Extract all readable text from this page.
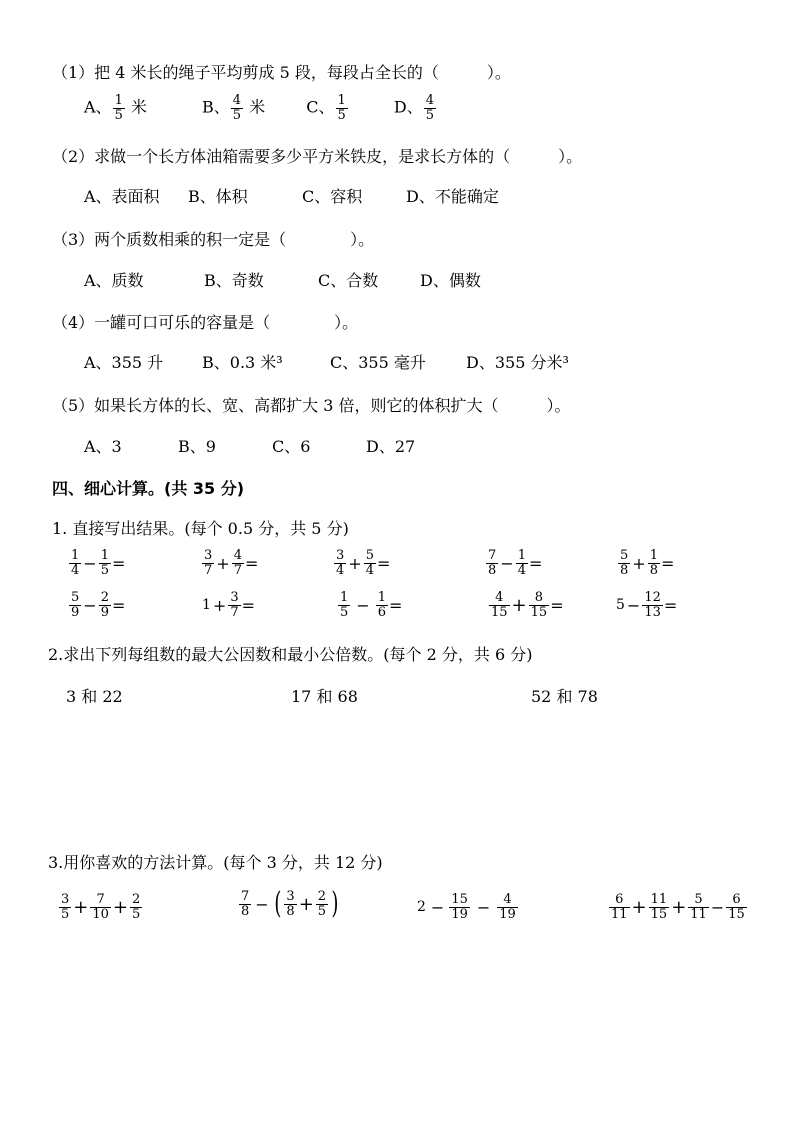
（1）把 4 米长的绳子平均剪成 5 段，每段占全长的（　　　）。
A、 $\frac{1}{5}$ 米	B、 $\frac{4}{5}$ 米	C、 $\frac{1}{5}$	D、 $\frac{4}{5}$
（2）求做一个长方体油箱需要多少平方米铁皮，是求长方体的（　　　）。
A、表面积 B、体积	C、容积	D、不能确定
（3）两个质数相乘的积一定是（　　　　）。
A、质数	B、奇数	C、合数	D、偶数
（4）一罐可口可乐的容量是（　　　　）。
A、355 升 B、0.3 米³	C、355 毫升	D、355 分米³
（5）如果长方体的长、宽、高都扩大 3 倍，则它的体积扩大（　　　）。
A、3	B、9	C、6	D、27
四、细心计算。(共 35 分)
1. 直接写出结果。(每个 0.5 分，共 5 分)
$\frac{1}{4} - \frac{1}{5}$ =	$\frac{3}{7} + \frac{4}{7}$ =	$\frac{3}{4} + \frac{5}{4}$ =	$\frac{7}{8} - \frac{1}{4}$ =	$\frac{5}{8} + \frac{1}{8}$ =
$\frac{5}{9} - \frac{2}{9}$ =	$1 + \frac{3}{7}$ =	$\frac{1}{5} - \frac{1}{6}$ =	$\frac{4}{15} + \frac{8}{15}$ =	$5 - \frac{12}{13}$ =
2.求出下列每组数的最大公因数和最小公倍数。(每个 2 分，共 6 分)
3 和 22	17 和 68	52 和 78
3.用你喜欢的方法计算。(每个 3 分，共 12 分)
$\frac{3}{5} + \frac{7}{10} + \frac{2}{5}$	$\frac{7}{8}$ − ( $\frac{3}{8} + \frac{2}{5}$ )	$2 - \frac{15}{19} - \frac{4}{19}$	$\frac{6}{11} + \frac{11}{15} + \frac{5}{11} - \frac{6}{15}$
